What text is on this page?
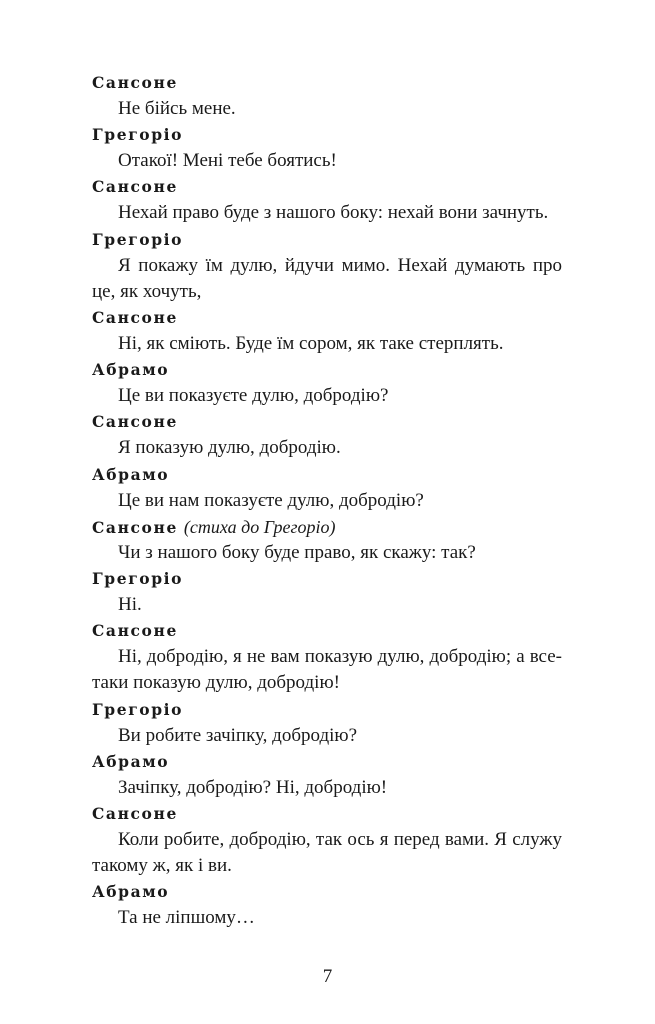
Сансоне

Не бійсь мене.

Грегоріо

Отакої! Мені тебе боятись!

Сансоне

Нехай право буде з нашого боку: нехай вони зачнуть.

Грегоріо

Я покажу їм дулю, йдучи мимо. Нехай думають про це, як хочуть,

Сансоне

Ні, як сміють. Буде їм сором, як таке стерплять.

Абрамо

Це ви показуєте дулю, добродію?

Сансоне

Я показую дулю, добродію.

Абрамо

Це ви нам показуєте дулю, добродію?

Сансоне (стиха до Грегоріо)

Чи з нашого боку буде право, як скажу: так?

Грегоріо

Ні.

Сансоне

Ні, добродію, я не вам показую дулю, добродію; а все-таки показую дулю, добродію!

Грегоріо

Ви робите зачіпку, добродію?

Абрамо

Зачіпку, добродію? Ні, добродію!

Сансоне

Коли робите, добродію, так ось я перед вами. Я служу такому ж, як і ви.

Абрамо

Та не ліпшому…

7
